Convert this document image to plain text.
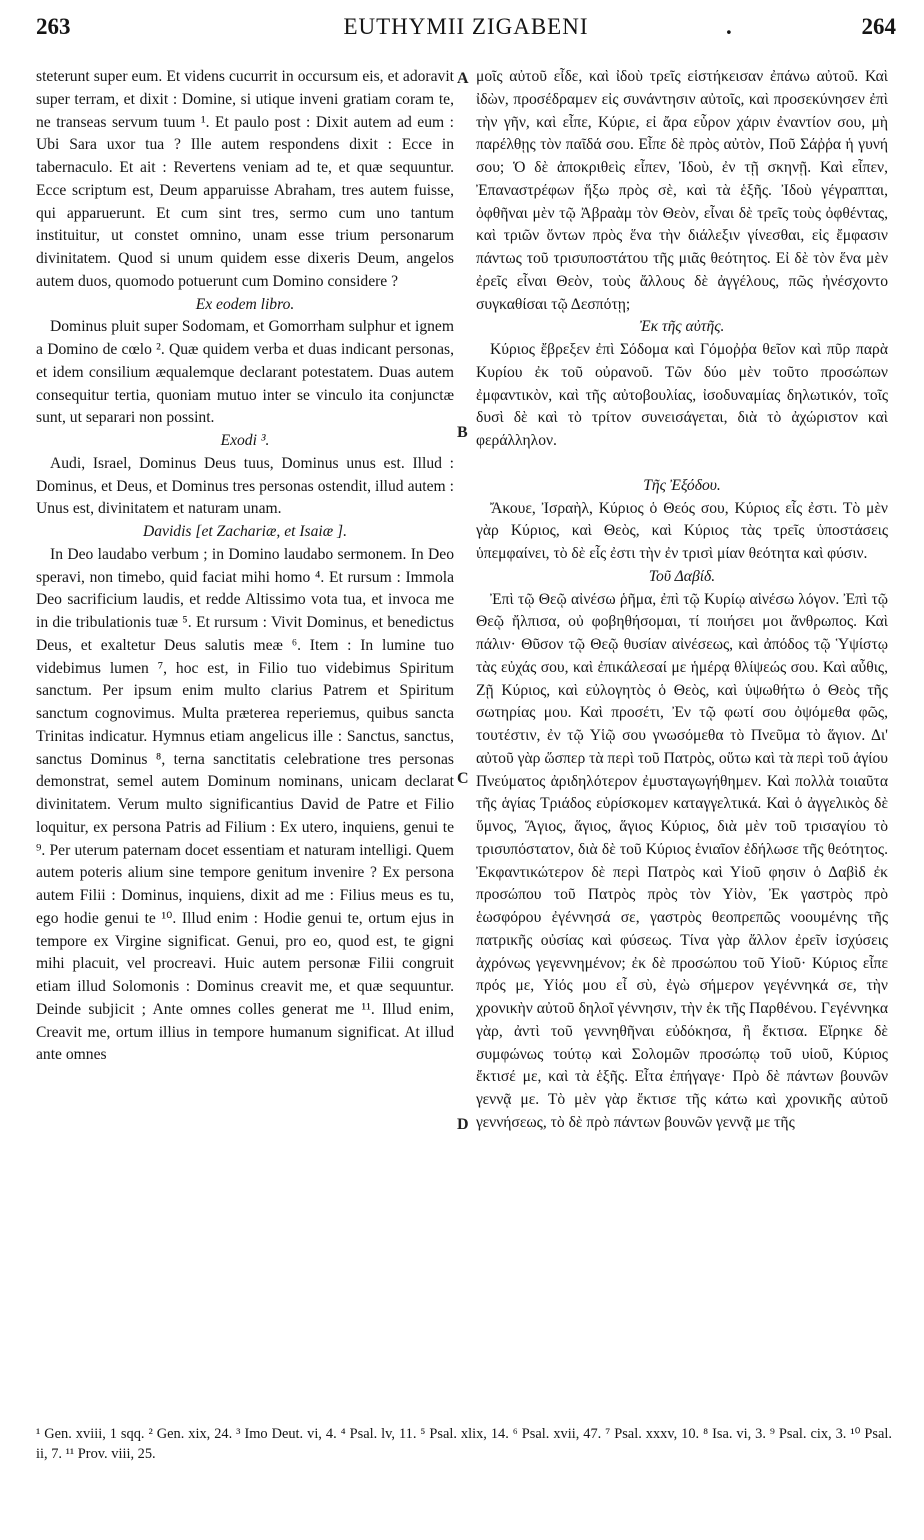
263	EUTHYMII ZIGABENI	.	264

steterunt super eum. Et videns cucurrit in occursum eis, et adoravit super terram, et dixit : Domine, si utique inveni gratiam coram te, ne transeas servum tuum ¹. Et paulo post : Dixit autem ad eum : Ubi Sara uxor tua ? Ille autem respondens dixit : Ecce in tabernaculo. Et ait : Revertens veniam ad te, et quæ sequuntur. Ecce scriptum est, Deum apparuisse Abraham, tres autem fuisse, qui apparuerunt. Et cum sint tres, sermo cum uno tantum instituitur, ut constet omnino, unam esse trium personarum divinitatem. Quod si unum quidem esse dixeris Deum, angelos autem duos, quomodo potuerunt cum Domino considere ?

Ex eodem libro.

Dominus pluit super Sodomam, et Gomorrham sulphur et ignem a Domino de cœlo ². Quæ quidem verba et duas indicant personas, et idem consilium æqualemque declarant potestatem. Duas autem consequitur tertia, quoniam mutuo inter se vinculo ita conjunctæ sunt, ut separari non possint.

Exodi ³.

Audi, Israel, Dominus Deus tuus, Dominus unus est. Illud : Dominus, et Deus, et Dominus tres personas ostendit, illud autem : Unus est, divinitatem et naturam unam.

Davidis [et Zachariæ, et Isaiæ ].

In Deo laudabo verbum ; in Domino laudabo sermonem. In Deo speravi, non timebo, quid faciat mihi homo ⁴. Et rursum : Immola Deo sacrificium laudis, et redde Altissimo vota tua, et invoca me in die tribulationis tuæ ⁵. Et rursum : Vivit Dominus, et benedictus Deus, et exaltetur Deus salutis meæ ⁶. Item : In lumine tuo videbimus lumen ⁷, hoc est, in Filio tuo videbimus Spiritum sanctum. Per ipsum enim multo clarius Patrem et Spiritum sanctum cognovimus. Multa præterea reperiemus, quibus sancta Trinitas indicatur. Hymnus etiam angelicus ille : Sanctus, sanctus, sanctus Dominus ⁸, terna sanctitatis celebratione tres personas demonstrat, semel autem Dominum nominans, unicam declarat divinitatem. Verum multo significantius David de Patre et Filio loquitur, ex persona Patris ad Filium : Ex utero, inquiens, genui te ⁹. Per uterum paternam docet essentiam et naturam intelligi. Quem autem poteris alium sine tempore genitum invenire ? Ex persona autem Filii : Dominus, inquiens, dixit ad me : Filius meus es tu, ego hodie genui te ¹⁰. Illud enim : Hodie genui te, ortum ejus in tempore ex Virgine significat. Genui, pro eo, quod est, te gigni mihi placuit, vel procreavi. Huic autem personæ Filii congruit etiam illud Solomonis : Dominus creavit me, et quæ sequuntur. Deinde subjicit ; Ante omnes colles generat me ¹¹. Illud enim, Creavit me, ortum illius in tempore humanum significat. At illud ante omnes

A
B
C
D

μοῖς αὐτοῦ εἶδε, καὶ ἰδοὺ τρεῖς εἱστήκεισαν ἐπάνω αὐτοῦ. Καὶ ἰδὼν, προσέδραμεν εἰς συνάντησιν αὐτοῖς, καὶ προσεκύνησεν ἐπὶ τὴν γῆν, καὶ εἶπε, Κύριε, εἰ ἄρα εὗρον χάριν ἐναντίον σου, μὴ παρέλθῃς τὸν παῖδά σου. Εἶπε δὲ πρὸς αὐτὸν, Ποῦ Σάῤῥα ἡ γυνή σου; Ὁ δὲ ἀποκριθεὶς εἶπεν, Ἰδοὺ, ἐν τῇ σκηνῇ. Καὶ εἶπεν, Ἐπαναστρέφων ἥξω πρὸς σὲ, καὶ τὰ ἑξῆς. Ἰδοὺ γέγραπται, ὀφθῆναι μὲν τῷ Ἀβραὰμ τὸν Θεὸν, εἶναι δὲ τρεῖς τοὺς ὀφθέντας, καὶ τριῶν ὄντων πρὸς ἕνα τὴν διάλεξιν γίνεσθαι, εἰς ἔμφασιν πάντως τοῦ τρισυποστάτου τῆς μιᾶς θεότητος. Εἰ δὲ τὸν ἕνα μὲν ἐρεῖς εἶναι Θεὸν, τοὺς ἄλλους δὲ ἀγγέλους, πῶς ἠνέσχοντο συγκαθίσαι τῷ Δεσπότῃ;

Ἐκ τῆς αὐτῆς.

Κύριος ἔβρεξεν ἐπὶ Σόδομα καὶ Γόμοῤῥα θεῖον καὶ πῦρ παρὰ Κυρίου ἐκ τοῦ οὐρανοῦ. Τῶν δύο μὲν τοῦτο προσώπων ἐμφαντικὸν, καὶ τῆς αὐτοβουλίας, ἰσοδυναμίας δηλωτικόν, τοῖς δυσὶ δὲ καὶ τὸ τρίτον συνεισάγεται, διὰ τὸ ἀχώριστον καὶ φεράλληλον.

Τῆς Ἐξόδου.

Ἄκουε, Ἰσραὴλ, Κύριος ὁ Θεός σου, Κύριος εἷς ἐστι. Τὸ μὲν γὰρ Κύριος, καὶ Θεὸς, καὶ Κύριος τὰς τρεῖς ὑποστάσεις ὑπεμφαίνει, τὸ δὲ εἷς ἐστι τὴν ἐν τρισὶ μίαν θεότητα καὶ φύσιν.

Τοῦ Δαβίδ.

Ἐπὶ τῷ Θεῷ αἰνέσω ῥῆμα, ἐπὶ τῷ Κυρίῳ αἰνέσω λόγον. Ἐπὶ τῷ Θεῷ ἤλπισα, οὐ φοβηθήσομαι, τί ποιήσει μοι ἄνθρωπος. Καὶ πάλιν· Θῦσον τῷ Θεῷ θυσίαν αἰνέσεως, καὶ ἀπόδος τῷ Ὑψίστῳ τὰς εὐχάς σου, καὶ ἐπικάλεσαί με ἡμέρᾳ θλίψεώς σου. Καὶ αὖθις, Ζῇ Κύριος, καὶ εὐλογητὸς ὁ Θεὸς, καὶ ὑψωθήτω ὁ Θεὸς τῆς σωτηρίας μου. Καὶ προσέτι, Ἐν τῷ φωτί σου ὀψόμεθα φῶς, τουτέστιν, ἐν τῷ Υἱῷ σου γνωσόμεθα τὸ Πνεῦμα τὸ ἅγιον. Δι' αὐτοῦ γὰρ ὥσπερ τὰ περὶ τοῦ Πατρὸς, οὕτω καὶ τὰ περὶ τοῦ ἁγίου Πνεύματος ἀριδηλότερον ἐμυσταγωγήθημεν. Καὶ πολλὰ τοιαῦτα τῆς ἁγίας Τριάδος εὑρίσκομεν καταγγελτικά. Καὶ ὁ ἀγγελικὸς δὲ ὕμνος, Ἅγιος, ἅγιος, ἅγιος Κύριος, διὰ μὲν τοῦ τρισαγίου τὸ τρισυπόστατον, διὰ δὲ τοῦ Κύριος ἑνιαῖον ἐδήλωσε τῆς θεότητος. Ἐκφαντικώτερον δὲ περὶ Πατρὸς καὶ Υἱοῦ φησιν ὁ Δαβὶδ ἐκ προσώπου τοῦ Πατρὸς πρὸς τὸν Υἱὸν, Ἐκ γαστρὸς πρὸ ἑωσφόρου ἐγέννησά σε, γαστρὸς θεοπρεπῶς νοουμένης τῆς πατρικῆς οὐσίας καὶ φύσεως. Τίνα γὰρ ἄλλον ἐρεῖν ἰσχύσεις ἀχρόνως γεγεννημένον; ἐκ δὲ προσώπου τοῦ Υἱοῦ· Κύριος εἶπε πρός με, Υἱός μου εἶ σὺ, ἐγὼ σήμερον γεγέννηκά σε, τὴν χρονικὴν αὐτοῦ δηλοῖ γέννησιν, τὴν ἐκ τῆς Παρθένου. Γεγέννηκα γὰρ, ἀντὶ τοῦ γεννηθῆναι εὐδόκησα, ἢ ἔκτισα. Εἴρηκε δὲ συμφώνως τούτῳ καὶ Σολομῶν προσώπῳ τοῦ υἱοῦ, Κύριος ἔκτισέ με, καὶ τὰ ἑξῆς. Εἶτα ἐπήγαγε· Πρὸ δὲ πάντων βουνῶν γεννᾷ με. Τὸ μὲν γὰρ ἔκτισε τῆς κάτω καὶ χρονικῆς αὐτοῦ γεννήσεως, τὸ δὲ πρὸ πάντων βουνῶν γεννᾷ με τῆς

¹ Gen. xviii, 1 sqq. ² Gen. xix, 24. ³ Imo Deut. vi, 4. ⁴ Psal. lv, 11. ⁵ Psal. xlix, 14. ⁶ Psal. xvii, 47. ⁷ Psal. xxxv, 10. ⁸ Isa. vi, 3. ⁹ Psal. cix, 3. ¹⁰ Psal. ii, 7. ¹¹ Prov. viii, 25.
